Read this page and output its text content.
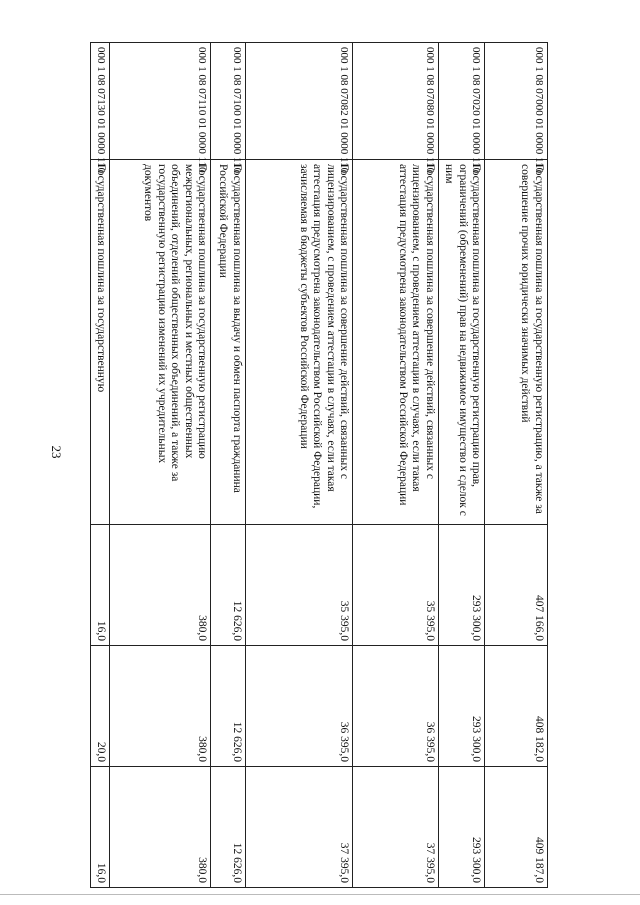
23
000 1 08 07000 01 0000 110	Государственная пошлина за государственную регистрацию, а также за совершение прочих юридически значимых действий	407 166,0	408 182,0	409 187,0
000 1 08 07020 01 0000 110	Государственная пошлина за государственную регистрацию прав, ограничений (обременений) прав на недвижимое имущество и сделок с ним	293 300,0	293 300,0	293 300,0
000 1 08 07080 01 0000 110	Государственная пошлина за совершение действий, связанных с лицензированием, с проведением аттестации в случаях, если такая аттестация предусмотрена законодательством Российской Федерации	35 395,0	36 395,0	37 395,0
000 1 08 07082 01 0000 110	Государственная пошлина за совершение действий, связанных с лицензированием, с проведением аттестации в случаях, если такая аттестация предусмотрена законодательством Российской Федерации, зачисляемая в бюджеты субъектов Российской Федерации	35 395,0	36 395,0	37 395,0
000 1 08 07100 01 0000 110	Государственная пошлина за выдачу и обмен паспорта гражданина Российской Федерации	12 626,0	12 626,0	12 626,0
000 1 08 07110 01 0000 110	Государственная пошлина за государственную регистрацию межрегиональных, региональных и местных общественных объединений, отделений общественных объединений, а также за государственную регистрацию изменений их учредительных документов	380,0	380,0	380,0
000 1 08 07130 01 0000 110	Государственная пошлина за государственную	16,0	20,0	16,0
